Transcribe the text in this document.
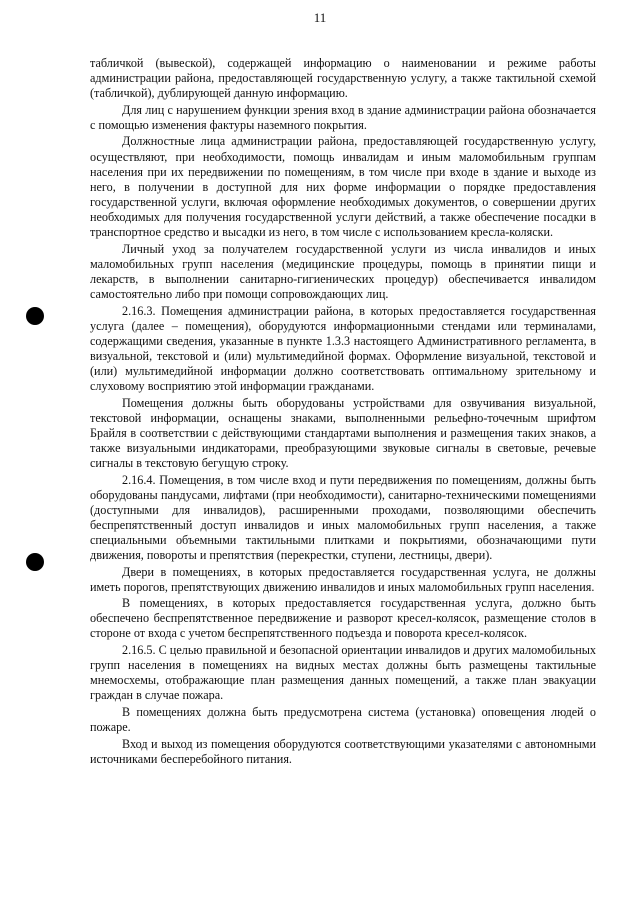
11

табличкой (вывеской), содержащей информацию о наименовании и режиме работы администрации района, предоставляющей государственную услугу, а также тактильной схемой (табличкой), дублирующей данную информацию.

Для лиц с нарушением функции зрения вход в здание администрации района обозначается с помощью изменения фактуры наземного покрытия.

Должностные лица администрации района, предоставляющей государственную услугу, осуществляют, при необходимости, помощь инвалидам и иным маломобильным группам населения при их передвижении по помещениям, в том числе при входе в здание и выходе из него, в получении в доступной для них форме информации о порядке предоставления государственной услуги, включая оформление необходимых документов, о совершении других необходимых для получения государственной услуги действий, а также обеспечение посадки в транспортное средство и высадки из него, в том числе с использованием кресла-коляски.

Личный уход за получателем государственной услуги из числа инвалидов и иных маломобильных групп населения (медицинские процедуры, помощь в принятии пищи и лекарств, в выполнении санитарно-гигиенических процедур) обеспечивается инвалидом самостоятельно либо при помощи сопровождающих лиц.

2.16.3. Помещения администрации района, в которых предоставляется государственная услуга (далее – помещения), оборудуются информационными стендами или терминалами, содержащими сведения, указанные в пункте 1.3.3 настоящего Административного регламента, в визуальной, текстовой и (или) мультимедийной формах. Оформление визуальной, текстовой и (или) мультимедийной информации должно соответствовать оптимальному зрительному и слуховому восприятию этой информации гражданами.

Помещения должны быть оборудованы устройствами для озвучивания визуальной, текстовой информации, оснащены знаками, выполненными рельефно-точечным шрифтом Брайля в соответствии с действующими стандартами выполнения и размещения таких знаков, а также визуальными индикаторами, преобразующими звуковые сигналы в световые, речевые сигналы в текстовую бегущую строку.

2.16.4. Помещения, в том числе вход и пути передвижения по помещениям, должны быть оборудованы пандусами, лифтами (при необходимости), санитарно-техническими помещениями (доступными для инвалидов), расширенными проходами, позволяющими обеспечить беспрепятственный доступ инвалидов и иных маломобильных групп населения, а также специальными объемными тактильными плитками и покрытиями, обозначающими пути движения, повороты и препятствия (перекрестки, ступени, лестницы, двери).

Двери в помещениях, в которых предоставляется государственная услуга, не должны иметь порогов, препятствующих движению инвалидов и иных маломобильных групп населения.

В помещениях, в которых предоставляется государственная услуга, должно быть обеспечено беспрепятственное передвижение и разворот кресел-колясок, размещение столов в стороне от входа с учетом беспрепятственного подъезда и поворота кресел-колясок.

2.16.5. С целью правильной и безопасной ориентации инвалидов и других маломобильных групп населения в помещениях на видных местах должны быть размещены тактильные мнемосхемы, отображающие план размещения данных помещений, а также план эвакуации граждан в случае пожара.

В помещениях должна быть предусмотрена система (установка) оповещения людей о пожаре.

Вход и выход из помещения оборудуются соответствующими указателями с автономными источниками бесперебойного питания.
